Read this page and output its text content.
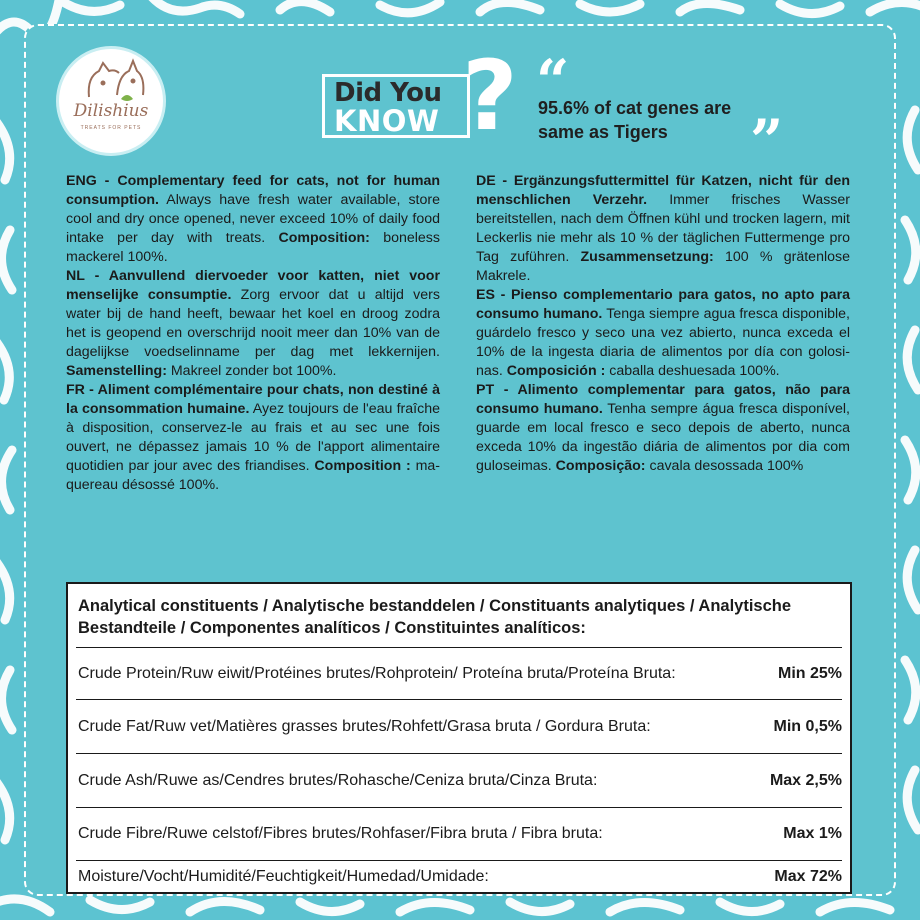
Dilishius
TREATS FOR PETS
Did You
KNOW ? “
95.6% of cat genes are same as Tigers	”

ENG - Complementary feed for cats, not for human consumption. Always have fresh water available, store cool and dry once opened, never exceed 10% of daily food intake per day with treats. Composition: boneless mackerel 100%.

NL - Aanvullend diervoeder voor katten, niet voor menselijke consumptie. Zorg ervoor dat u altijd vers water bij de hand heeft, bewaar het koel en droog zodra het is geopend en overschrijd nooit meer dan 10% van de dagelijkse voedselinname per dag met lekkernijen. Samenstelling: Makreel zonder bot 100%.

FR - Aliment complémentaire pour chats, non destiné à la consommation humaine. Ayez toujours de l'eau fraîche à disposition, conservez-le au frais et au sec une fois ouvert, ne dépassez jamais 10 % de l'apport alimentaire quotidien par jour avec des friandises. Composition : maquereau désossé 100%.

DE - Ergänzungsfuttermittel für Katzen, nicht für den menschlichen Verzehr. Immer frisches Wasser bereitstellen, nach dem Öffnen kühl und trocken lagern, mit Leckerlis nie mehr als 10 % der täglichen Futtermenge pro Tag zuführen. Zusammensetzung: 100 % grätenlose Makrele.

ES - Pienso complementario para gatos, no apto para consumo humano. Tenga siempre agua fresca disponible, guárdelo fresco y seco una vez abierto, nunca exceda el 10% de la ingesta diaria de alimentos por día con golosinas. Composición : caballa deshuesada 100%.

PT - Alimento complementar para gatos, não para consumo humano. Tenha sempre água fresca disponível, guarde em local fresco e seco depois de aberto, nunca exceda 10% da ingestão diária de alimentos por dia com guloseimas. Composição: cavala desossada 100%

Analytical constituents / Analytische bestanddelen / Constituants analytiques / Analytische Bestandteile / Componentes analíticos / Constituintes analíticos:
Crude Protein/Ruw eiwit/Protéines brutes/Rohprotein/ Proteína bruta/Proteína Bruta:	Min 25%
Crude Fat/Ruw vet/Matières grasses brutes/Rohfett/Grasa bruta / Gordura Bruta:	Min 0,5%
Crude Ash/Ruwe as/Cendres brutes/Rohasche/Ceniza bruta/Cinza Bruta:	Max 2,5%
Crude Fibre/Ruwe celstof/Fibres brutes/Rohfaser/Fibra bruta / Fibra bruta:	Max 1%
Moisture/Vocht/Humidité/Feuchtigkeit/Humedad/Umidade:	Max 72%
